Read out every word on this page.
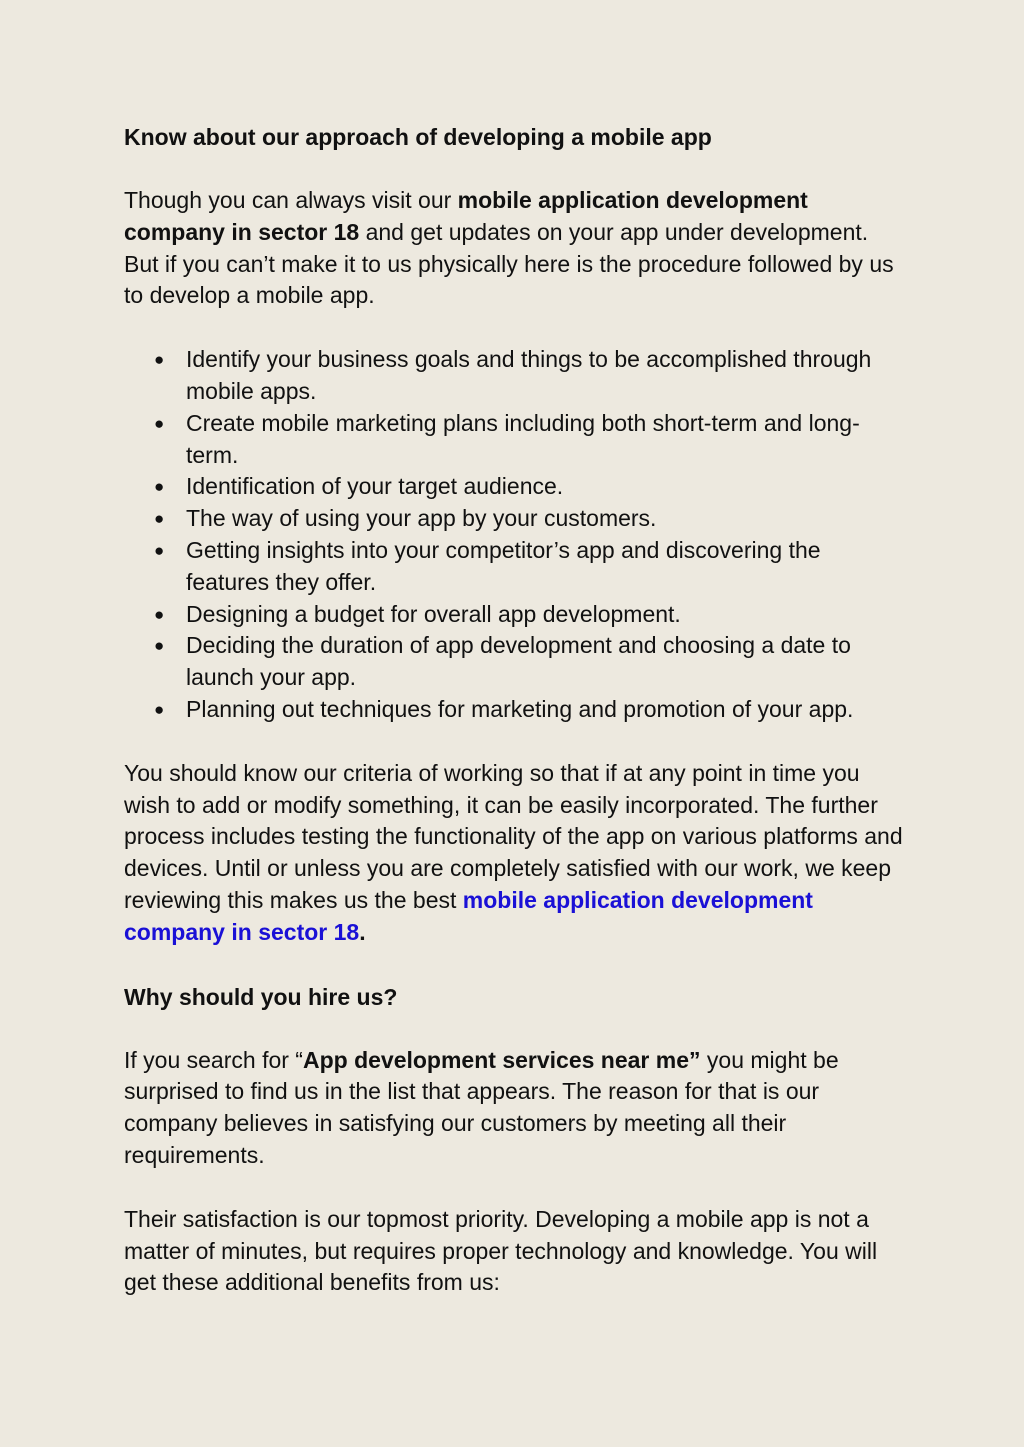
Know about our approach of developing a mobile app

Though you can always visit our mobile application development company in sector 18 and get updates on your app under development. But if you can’t make it to us physically here is the procedure followed by us to develop a mobile app.

● Identify your business goals and things to be accomplished through mobile apps.
● Create mobile marketing plans including both short-term and long-term.
● Identification of your target audience.
● The way of using your app by your customers.
● Getting insights into your competitor’s app and discovering the features they offer.
● Designing a budget for overall app development.
● Deciding the duration of app development and choosing a date to launch your app.
● Planning out techniques for marketing and promotion of your app.

You should know our criteria of working so that if at any point in time you wish to add or modify something, it can be easily incorporated. The further process includes testing the functionality of the app on various platforms and devices. Until or unless you are completely satisfied with our work, we keep reviewing this makes us the best mobile application development company in sector 18.

Why should you hire us?

If you search for “App development services near me” you might be surprised to find us in the list that appears. The reason for that is our company believes in satisfying our customers by meeting all their requirements.

Their satisfaction is our topmost priority. Developing a mobile app is not a matter of minutes, but requires proper technology and knowledge. You will get these additional benefits from us:
